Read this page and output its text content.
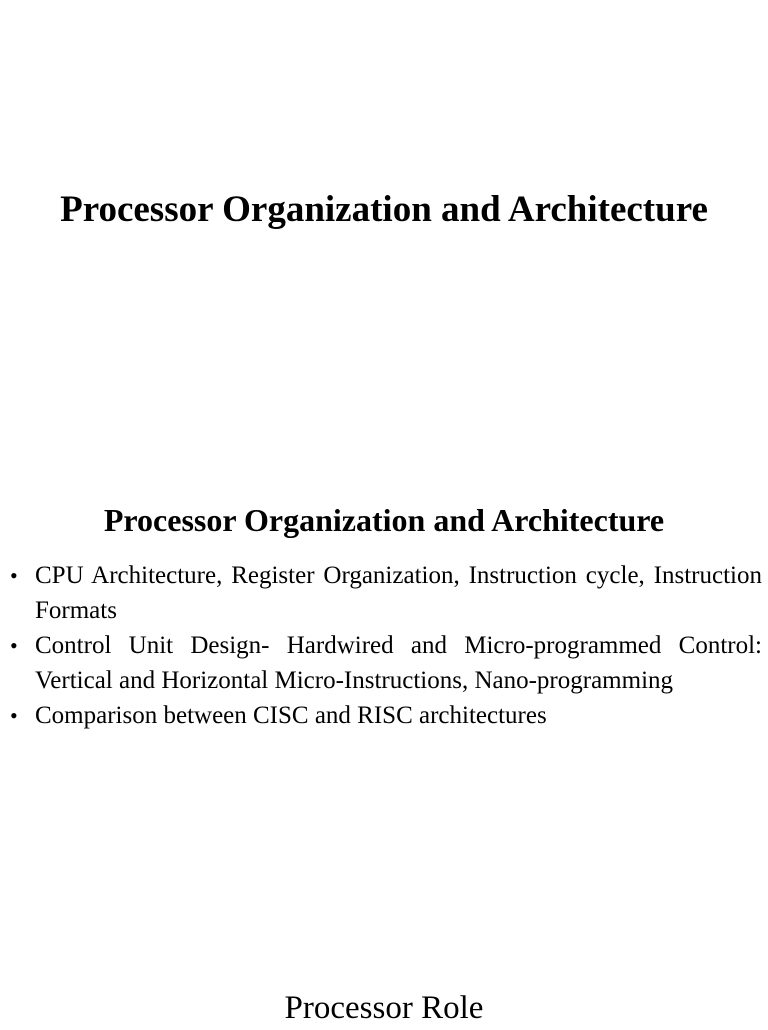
Processor Organization and Architecture
Processor Organization and Architecture
• CPU Architecture, Register Organization, Instruction cycle, Instruction Formats
• Control Unit Design- Hardwired and Micro-programmed Control: Vertical and Horizontal Micro-Instructions, Nano-programming
• Comparison between CISC and RISC architectures
Processor Role
